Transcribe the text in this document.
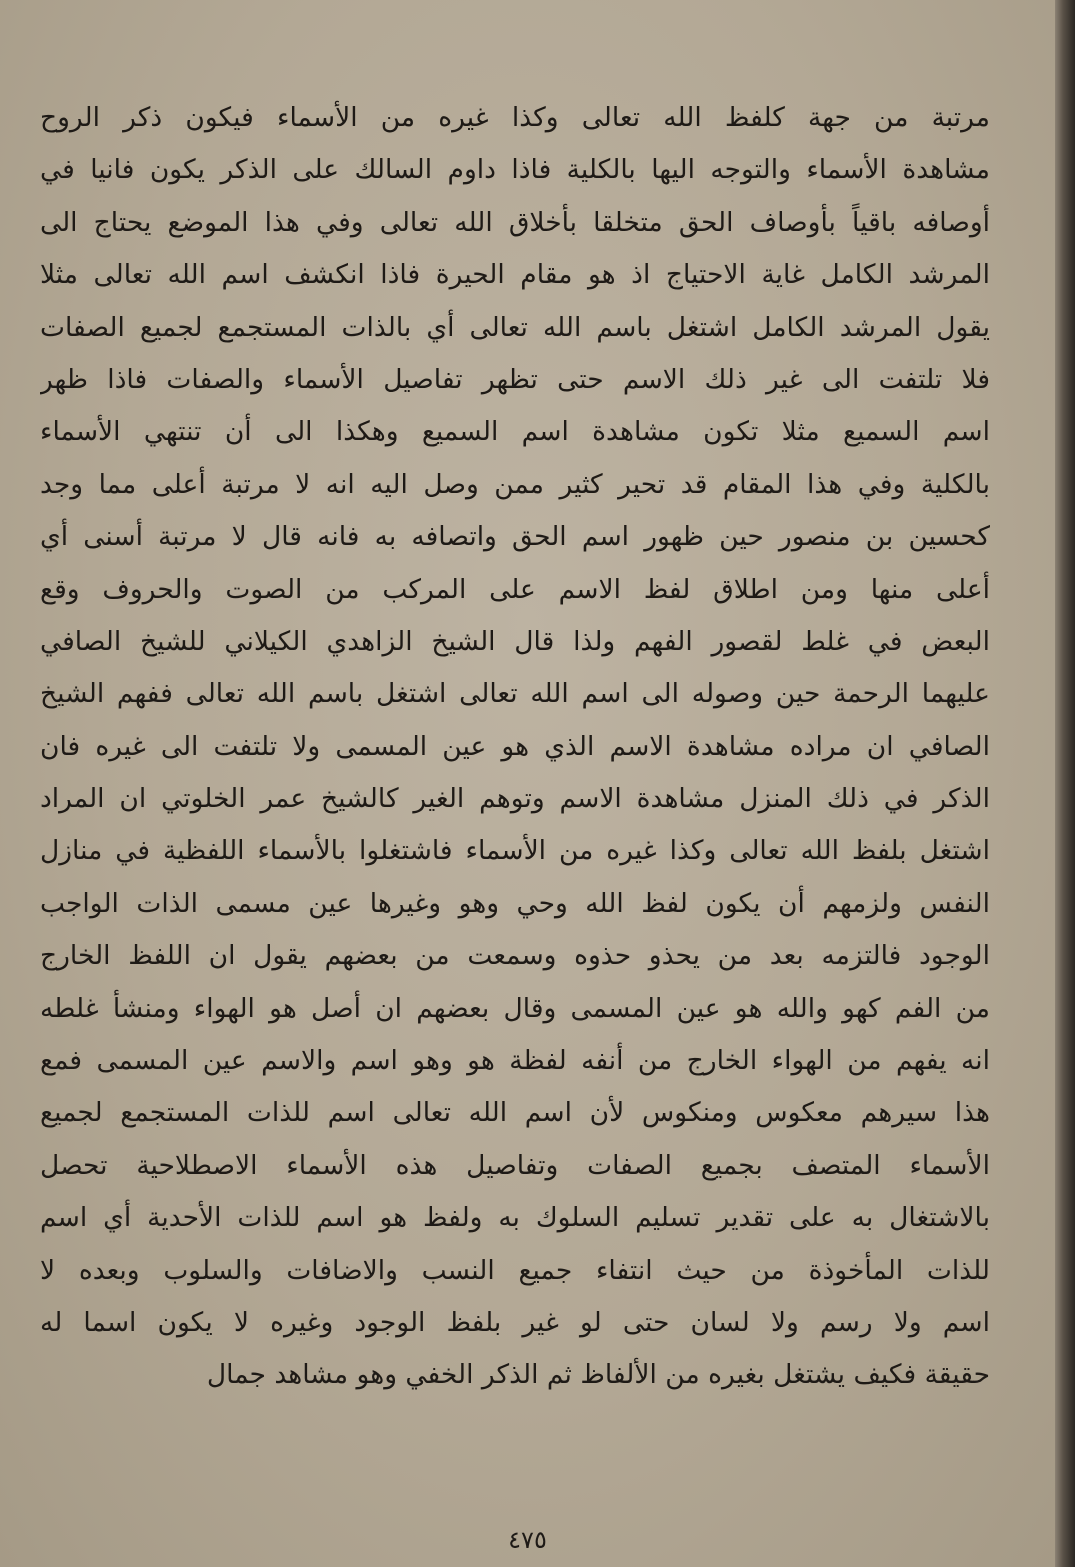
مرتبة من جهة كلفظ الله تعالى وكذا غيره من الأسماء فيكون ذكر الروح
مشاهدة الأسماء والتوجه اليها بالكلية فاذا داوم السالك على الذكر يكون فانيا في
أوصافه باقياً بأوصاف الحق متخلقا بأخلاق الله تعالى وفي هذا الموضع يحتاج الى
المرشد الكامل غاية الاحتياج اذ هو مقام الحيرة فاذا انكشف اسم الله تعالى مثلا
يقول المرشد الكامل اشتغل باسم الله تعالى أي بالذات المستجمع لجميع الصفات
فلا تلتفت الى غير ذلك الاسم حتى تظهر تفاصيل الأسماء والصفات فاذا ظهر
اسم السميع مثلا تكون مشاهدة اسم السميع وهكذا الى أن تنتهي الأسماء
بالكلية وفي هذا المقام قد تحير كثير ممن وصل اليه انه لا مرتبة أعلى مما وجد
كحسين بن منصور حين ظهور اسم الحق واتصافه به فانه قال لا مرتبة أسنى أي
أعلى منها ومن اطلاق لفظ الاسم على المركب من الصوت والحروف وقع
البعض في غلط لقصور الفهم ولذا قال الشيخ الزاهدي الكيلاني للشيخ الصافي
عليهما الرحمة حين وصوله الى اسم الله تعالى اشتغل باسم الله تعالى ففهم الشيخ
الصافي ان مراده مشاهدة الاسم الذي هو عين المسمى ولا تلتفت الى غيره فان
الذكر في ذلك المنزل مشاهدة الاسم وتوهم الغير كالشيخ عمر الخلوتي ان المراد
اشتغل بلفظ الله تعالى وكذا غيره من الأسماء فاشتغلوا بالأسماء اللفظية في منازل
النفس ولزمهم أن يكون لفظ الله وحي وهو وغيرها عين مسمى الذات الواجب
الوجود فالتزمه بعد من يحذو حذوه وسمعت من بعضهم يقول ان اللفظ الخارج
من الفم كهو والله هو عين المسمى وقال بعضهم ان أصل هو الهواء ومنشأ غلطه
انه يفهم من الهواء الخارج من أنفه لفظة هو وهو اسم والاسم عين المسمى فمع
هذا سيرهم معكوس ومنكوس لأن اسم الله تعالى اسم للذات المستجمع لجميع
الأسماء المتصف بجميع الصفات وتفاصيل هذه الأسماء الاصطلاحية تحصل
بالاشتغال به على تقدير تسليم السلوك به ولفظ هو اسم للذات الأحدية أي اسم
للذات المأخوذة من حيث انتفاء جميع النسب والاضافات والسلوب وبعده لا
اسم ولا رسم ولا لسان حتى لو غير بلفظ الوجود وغيره لا يكون اسما له
حقيقة فكيف يشتغل بغيره من الألفاظ ثم الذكر الخفي وهو مشاهد جمال
٤٧٥
